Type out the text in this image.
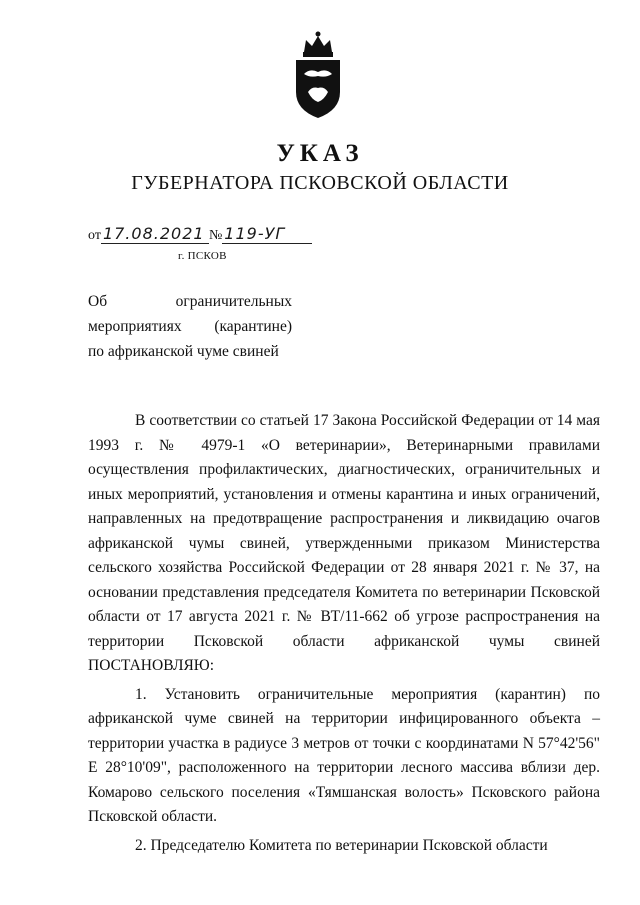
УКАЗ
ГУБЕРНАТОРА ПСКОВСКОЙ ОБЛАСТИ
от 17.08.2021 № 119-УГ
г. ПСКОВ
Об	ограничительных
мероприятиях (карантине)
по африканской чуме свиней

В соответствии со статьей 17 Закона Российской Федерации от 14 мая 1993 г. № 4979-1 «О ветеринарии», Ветеринарными правилами осуществления профилактических, диагностических, ограничительных и иных мероприятий, установления и отмены карантина и иных ограничений, направленных на предотвращение распространения и ликвидацию очагов африканской чумы свиней, утвержденными приказом Министерства сельского хозяйства Российской Федерации от 28 января 2021 г. № 37, на основании представления председателя Комитета по ветеринарии Псковской области от 17 августа 2021 г. № ВТ/11-662 об угрозе распространения на территории Псковской области африканской чумы свиней ПОСТАНОВЛЯЮ:

1. Установить ограничительные мероприятия (карантин) по африканской чуме свиней на территории инфицированного объекта – территории участка в радиусе 3 метров от точки с координатами N 57°42'56" E 28°10'09", расположенного на территории лесного массива вблизи дер. Комарово сельского поселения «Тямшанская волость» Псковского района Псковской области.

2. Председателю Комитета по ветеринарии Псковской области
